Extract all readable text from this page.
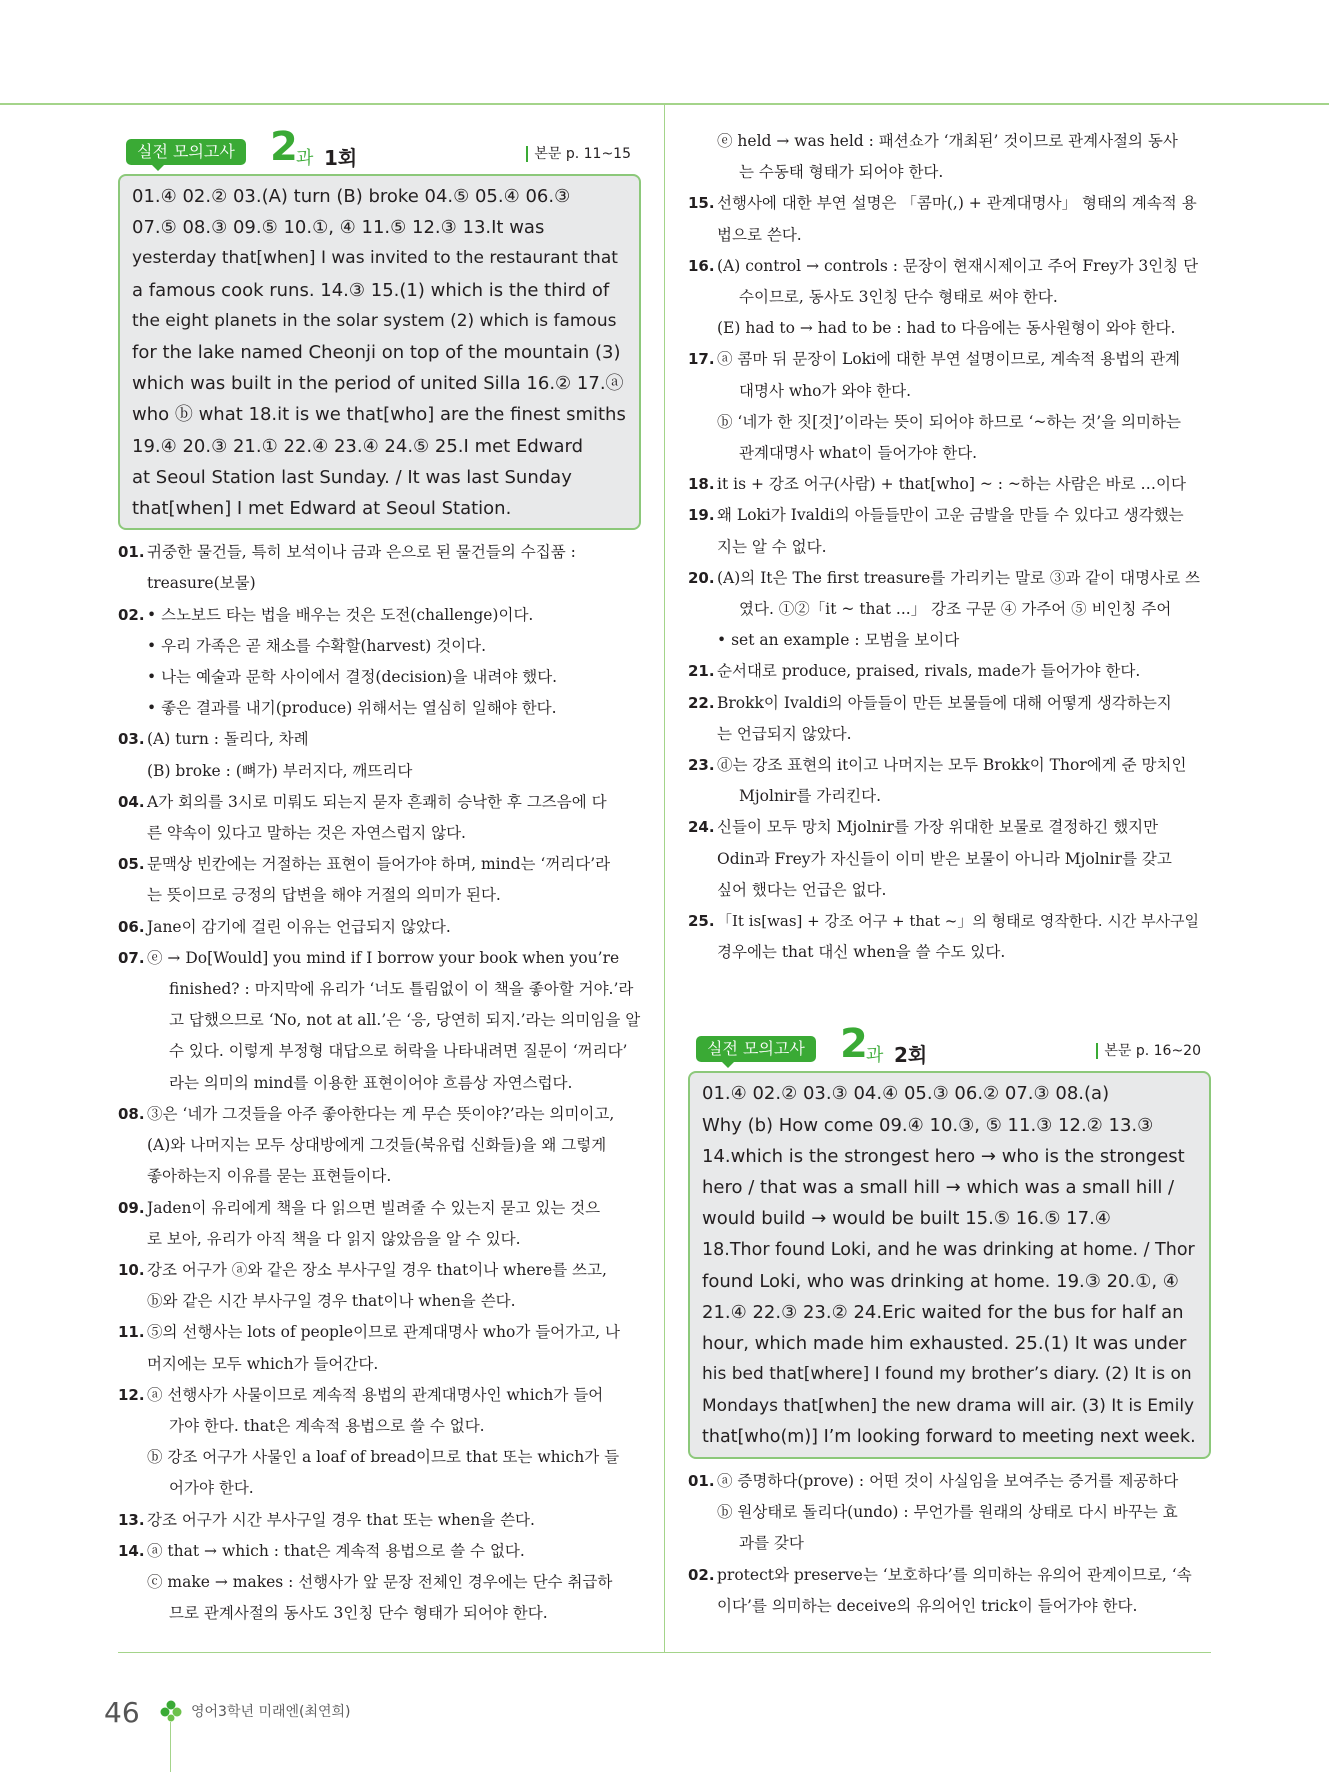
실전 모의고사 2
과 1회	본문 p. 11~15
01.④ 02.② 03.(A) turn (B) broke 04.⑤ 05.④ 06.③
07.⑤ 08.③ 09.⑤ 10.①, ④ 11.⑤ 12.③ 13.It was
yesterday that[when] I was invited to the restaurant that
a famous cook runs. 14.③ 15.(1) which is the third of
the eight planets in the solar system (2) which is famous
for the lake named Cheonji on top of the mountain (3)
which was built in the period of united Silla 16.② 17.ⓐ
who ⓑ what 18.it is we that[who] are the finest smiths
19.④ 20.③ 21.① 22.④ 23.④ 24.⑤ 25.I met Edward
at Seoul Station last Sunday. / It was last Sunday
that[when] I met Edward at Seoul Station.
01. 귀중한 물건들, 특히 보석이나 금과 은으로 된 물건들의 수집품 :
treasure(보물)
02. • 스노보드 타는 법을 배우는 것은 도전(challenge)이다.
• 우리 가족은 곧 채소를 수확할(harvest) 것이다.
• 나는 예술과 문학 사이에서 결정(decision)을 내려야 했다.
• 좋은 결과를 내기(produce) 위해서는 열심히 일해야 한다.
03. (A) turn : 돌리다, 차례
(B) broke : (뼈가) 부러지다, 깨뜨리다
04. A가 회의를 3시로 미뤄도 되는지 묻자 흔쾌히 승낙한 후 그즈음에 다
른 약속이 있다고 말하는 것은 자연스럽지 않다.
05. 문맥상 빈칸에는 거절하는 표현이 들어가야 하며, mind는 ‘꺼리다’라
는 뜻이므로 긍정의 답변을 해야 거절의 의미가 된다.
06. Jane이 감기에 걸린 이유는 언급되지 않았다.
07. ⓔ → Do[Would] you mind if I borrow your book when you’re
finished? : 마지막에 유리가 ‘너도 틀림없이 이 책을 좋아할 거야.’라
고 답했으므로 ‘No, not at all.’은 ‘응, 당연히 되지.’라는 의미임을 알
수 있다. 이렇게 부정형 대답으로 허락을 나타내려면 질문이 ‘꺼리다’
라는 의미의 mind를 이용한 표현이어야 흐름상 자연스럽다.
08. ③은 ‘네가 그것들을 아주 좋아한다는 게 무슨 뜻이야?’라는 의미이고,
(A)와 나머지는 모두 상대방에게 그것들(북유럽 신화들)을 왜 그렇게
좋아하는지 이유를 묻는 표현들이다.
09. Jaden이 유리에게 책을 다 읽으면 빌려줄 수 있는지 묻고 있는 것으
로 보아, 유리가 아직 책을 다 읽지 않았음을 알 수 있다.
10. 강조 어구가 ⓐ와 같은 장소 부사구일 경우 that이나 where를 쓰고,
ⓑ와 같은 시간 부사구일 경우 that이나 when을 쓴다.
11. ⑤의 선행사는 lots of people이므로 관계대명사 who가 들어가고, 나
머지에는 모두 which가 들어간다.
12. ⓐ 선행사가 사물이므로 계속적 용법의 관계대명사인 which가 들어
가야 한다. that은 계속적 용법으로 쓸 수 없다.
ⓑ 강조 어구가 사물인 a loaf of bread이므로 that 또는 which가 들
어가야 한다.
13. 강조 어구가 시간 부사구일 경우 that 또는 when을 쓴다.
14. ⓐ that → which : that은 계속적 용법으로 쓸 수 없다.
ⓒ make → makes : 선행사가 앞 문장 전체인 경우에는 단수 취급하
므로 관계사절의 동사도 3인칭 단수 형태가 되어야 한다.
ⓔ held → was held : 패션쇼가 ‘개최된’ 것이므로 관계사절의 동사
는 수동태 형태가 되어야 한다.
15. 선행사에 대한 부연 설명은 「콤마(,) + 관계대명사」 형태의 계속적 용
법으로 쓴다.
16. (A) control → controls : 문장이 현재시제이고 주어 Frey가 3인칭 단
수이므로, 동사도 3인칭 단수 형태로 써야 한다.
(E) had to → had to be : had to 다음에는 동사원형이 와야 한다.
17. ⓐ 콤마 뒤 문장이 Loki에 대한 부연 설명이므로, 계속적 용법의 관계
대명사 who가 와야 한다.
ⓑ ‘네가 한 짓[것]’이라는 뜻이 되어야 하므로 ‘~하는 것’을 의미하는
관계대명사 what이 들어가야 한다.
18. it is + 강조 어구(사람) + that[who] ~ : ~하는 사람은 바로 …이다
19. 왜 Loki가 Ivaldi의 아들들만이 고운 금발을 만들 수 있다고 생각했는
지는 알 수 없다.
20. (A)의 It은 The first treasure를 가리키는 말로 ③과 같이 대명사로 쓰
였다. ①②「it ~ that ...」 강조 구문 ④ 가주어 ⑤ 비인칭 주어
• set an example : 모범을 보이다
21. 순서대로 produce, praised, rivals, made가 들어가야 한다.
22. Brokk이 Ivaldi의 아들들이 만든 보물들에 대해 어떻게 생각하는지
는 언급되지 않았다.
23. ⓓ는 강조 표현의 it이고 나머지는 모두 Brokk이 Thor에게 준 망치인
Mjolnir를 가리킨다.
24. 신들이 모두 망치 Mjolnir를 가장 위대한 보물로 결정하긴 했지만
Odin과 Frey가 자신들이 이미 받은 보물이 아니라 Mjolnir를 갖고
싶어 했다는 언급은 없다.
25. 「It is[was] + 강조 어구 + that ~」의 형태로 영작한다. 시간 부사구일
경우에는 that 대신 when을 쓸 수도 있다.
실전 모의고사 2
과 2회	본문 p. 16~20
01.④ 02.② 03.③ 04.④ 05.③ 06.② 07.③ 08.(a)
Why (b) How come 09.④ 10.③, ⑤ 11.③ 12.② 13.③
14.which is the strongest hero → who is the strongest
hero / that was a small hill → which was a small hill /
would build → would be built 15.⑤ 16.⑤ 17.④
18.Thor found Loki, and he was drinking at home. / Thor
found Loki, who was drinking at home. 19.③ 20.①, ④
21.④ 22.③ 23.② 24.Eric waited for the bus for half an
hour, which made him exhausted. 25.(1) It was under
his bed that[where] I found my brother’s diary. (2) It is on
Mondays that[when] the new drama will air. (3) It is Emily
that[who(m)] I’m looking forward to meeting next week.
01. ⓐ 증명하다(prove) : 어떤 것이 사실임을 보여주는 증거를 제공하다
ⓑ 원상태로 돌리다(undo) : 무언가를 원래의 상태로 다시 바꾸는 효
과를 갖다
02. protect와 preserve는 ‘보호하다’를 의미하는 유의어 관계이므로, ‘속
이다’를 의미하는 deceive의 유의어인 trick이 들어가야 한다.
46	영어3학년 미래엔(최연희)
